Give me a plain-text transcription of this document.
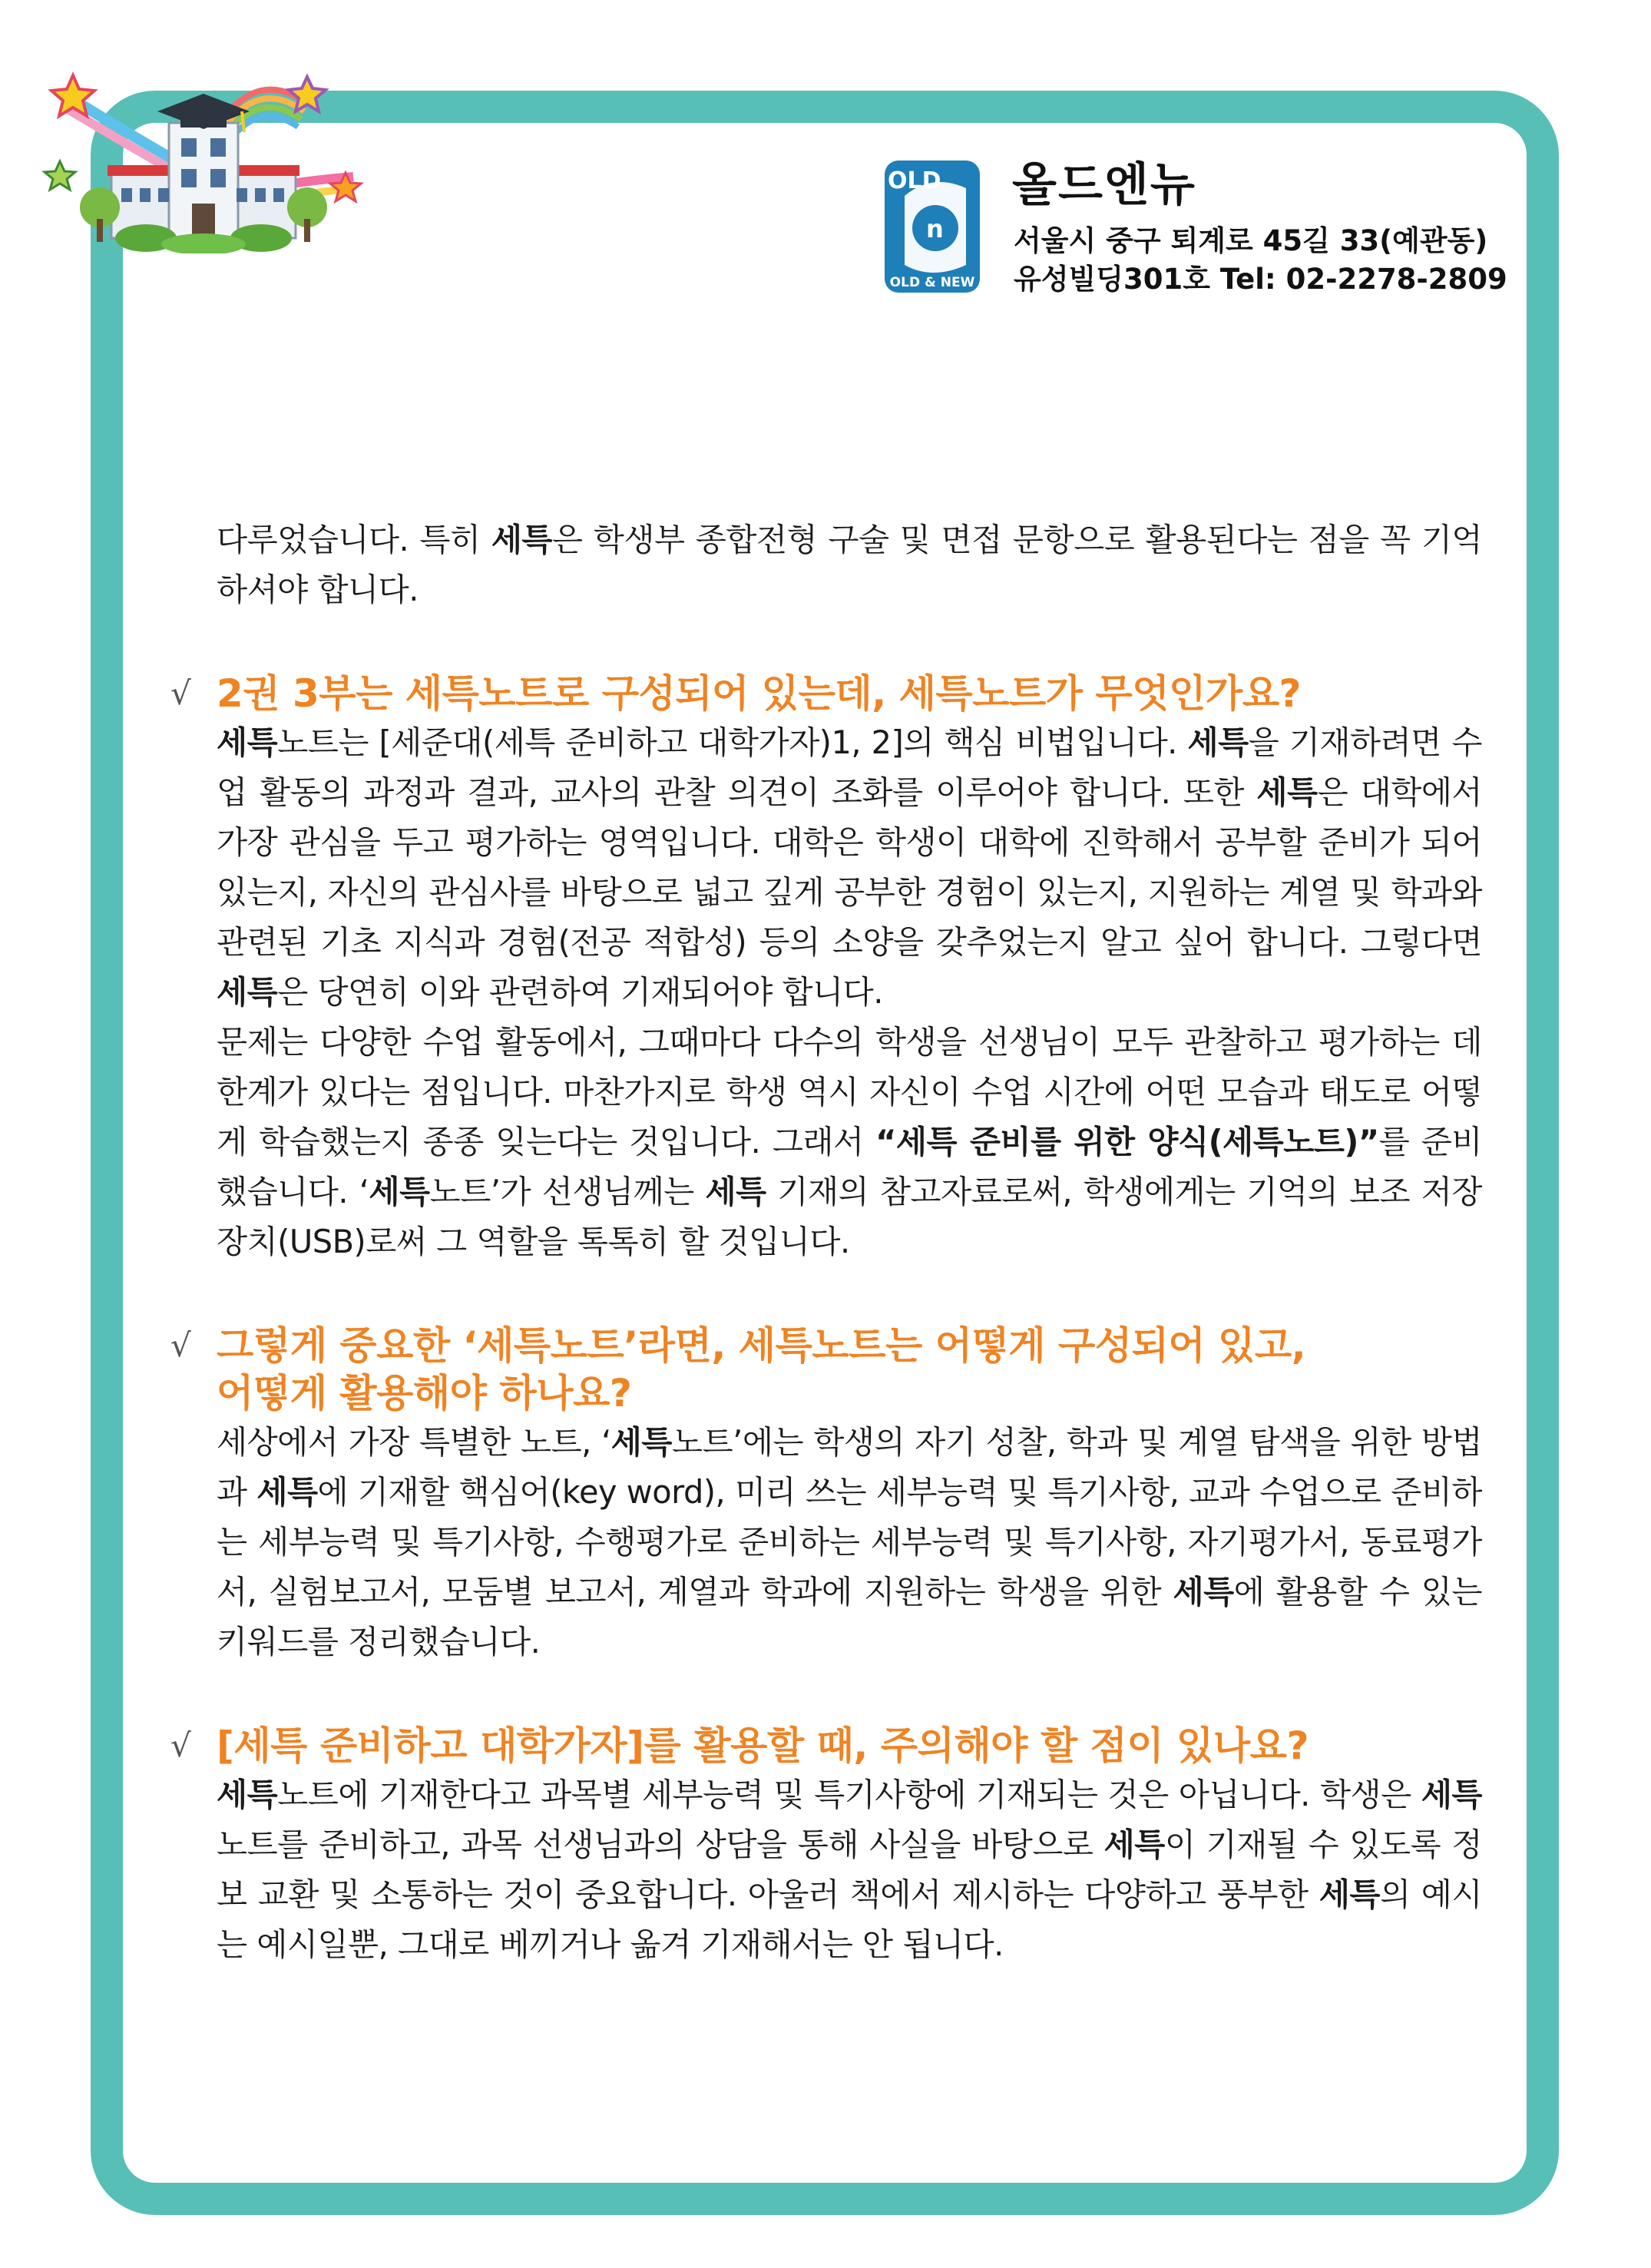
OLD
n
OLD & NEW
올드엔뉴
서울시 중구 퇴계로 45길 33(예관동)
유성빌딩301호 Tel: 02-2278-2809

다루었습니다. 특히 세특은 학생부 종합전형 구술 및 면접 문항으로 활용된다는 점을 꼭 기억하셔야 합니다.

√ 2권 3부는 세특노트로 구성되어 있는데, 세특노트가 무엇인가요?

세특노트는 [세준대(세특 준비하고 대학가자)1, 2]의 핵심 비법입니다. 세특을 기재하려면 수업 활동의 과정과 결과, 교사의 관찰 의견이 조화를 이루어야 합니다. 또한 세특은 대학에서 가장 관심을 두고 평가하는 영역입니다. 대학은 학생이 대학에 진학해서 공부할 준비가 되어 있는지, 자신의 관심사를 바탕으로 넓고 깊게 공부한 경험이 있는지, 지원하는 계열 및 학과와 관련된 기초 지식과 경험(전공 적합성) 등의 소양을 갖추었는지 알고 싶어 합니다. 그렇다면 세특은 당연히 이와 관련하여 기재되어야 합니다.

문제는 다양한 수업 활동에서, 그때마다 다수의 학생을 선생님이 모두 관찰하고 평가하는 데 한계가 있다는 점입니다. 마찬가지로 학생 역시 자신이 수업 시간에 어떤 모습과 태도로 어떻게 학습했는지 종종 잊는다는 것입니다. 그래서 “세특 준비를 위한 양식(세특노트)”를 준비했습니다. ‘세특노트’가 선생님께는 세특 기재의 참고자료로써, 학생에게는 기억의 보조 저장장치(USB)로써 그 역할을 톡톡히 할 것입니다.

√ 그렇게 중요한 ‘세특노트’라면, 세특노트는 어떻게 구성되어 있고,
어떻게 활용해야 하나요?

세상에서 가장 특별한 노트, ‘세특노트’에는 학생의 자기 성찰, 학과 및 계열 탐색을 위한 방법과 세특에 기재할 핵심어(key word), 미리 쓰는 세부능력 및 특기사항, 교과 수업으로 준비하는 세부능력 및 특기사항, 수행평가로 준비하는 세부능력 및 특기사항, 자기평가서, 동료평가서, 실험보고서, 모둠별 보고서, 계열과 학과에 지원하는 학생을 위한 세특에 활용할 수 있는 키워드를 정리했습니다.

√ [세특 준비하고 대학가자]를 활용할 때, 주의해야 할 점이 있나요?

세특노트에 기재한다고 과목별 세부능력 및 특기사항에 기재되는 것은 아닙니다. 학생은 세특노트를 준비하고, 과목 선생님과의 상담을 통해 사실을 바탕으로 세특이 기재될 수 있도록 정보 교환 및 소통하는 것이 중요합니다. 아울러 책에서 제시하는 다양하고 풍부한 세특의 예시는 예시일뿐, 그대로 베끼거나 옮겨 기재해서는 안 됩니다.
